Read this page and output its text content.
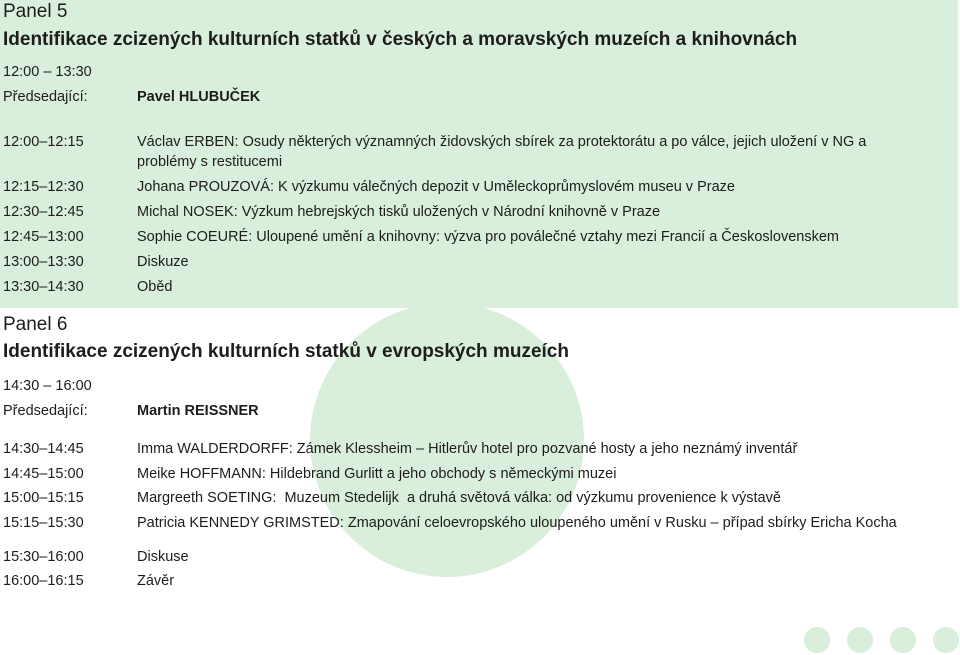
Panel 5
Identifikace zcizených kulturních statků v českých a moravských muzeích a knihovnách
12:00 – 13:30
Předsedající:	Pavel HLUBUČEK
12:00–12:15	Václav ERBEN: Osudy některých významných židovských sbírek za protektorátu a po válce, jejich uložení v NG a problémy s restitucemi
12:15–12:30	Johana PROUZOVÁ: K výzkumu válečných depozit v Uměleckoprůmyslovém museu v Praze
12:30–12:45	Michal NOSEK: Výzkum hebrejských tisků uložených v Národní knihovně v Praze
12:45–13:00	Sophie COEURÉ: Uloupené umění a knihovny: výzva pro poválečné vztahy mezi Francií a Československem
13:00–13:30	Diskuze
13:30–14:30	Oběd
Panel 6
Identifikace zcizených kulturních statků v evropských muzeích
14:30 – 16:00
Předsedající:	Martin REISSNER
14:30–14:45	Imma WALDERDORFF: Zámek Klessheim – Hitlerův hotel pro pozvané hosty a jeho neznámý inventář
14:45–15:00	Meike HOFFMANN: Hildebrand Gurlitt a jeho obchody s německými muzei
15:00–15:15	Margreeth SOETING:  Muzeum Stedelijk  a druhá světová válka: od výzkumu provenience k výstavě
15:15–15:30	Patricia KENNEDY GRIMSTED: Zmapování celoevropského uloupeného umění v Rusku – případ sbírky Ericha Kocha
15:30–16:00	Diskuse
16:00–16:15	Závěr
